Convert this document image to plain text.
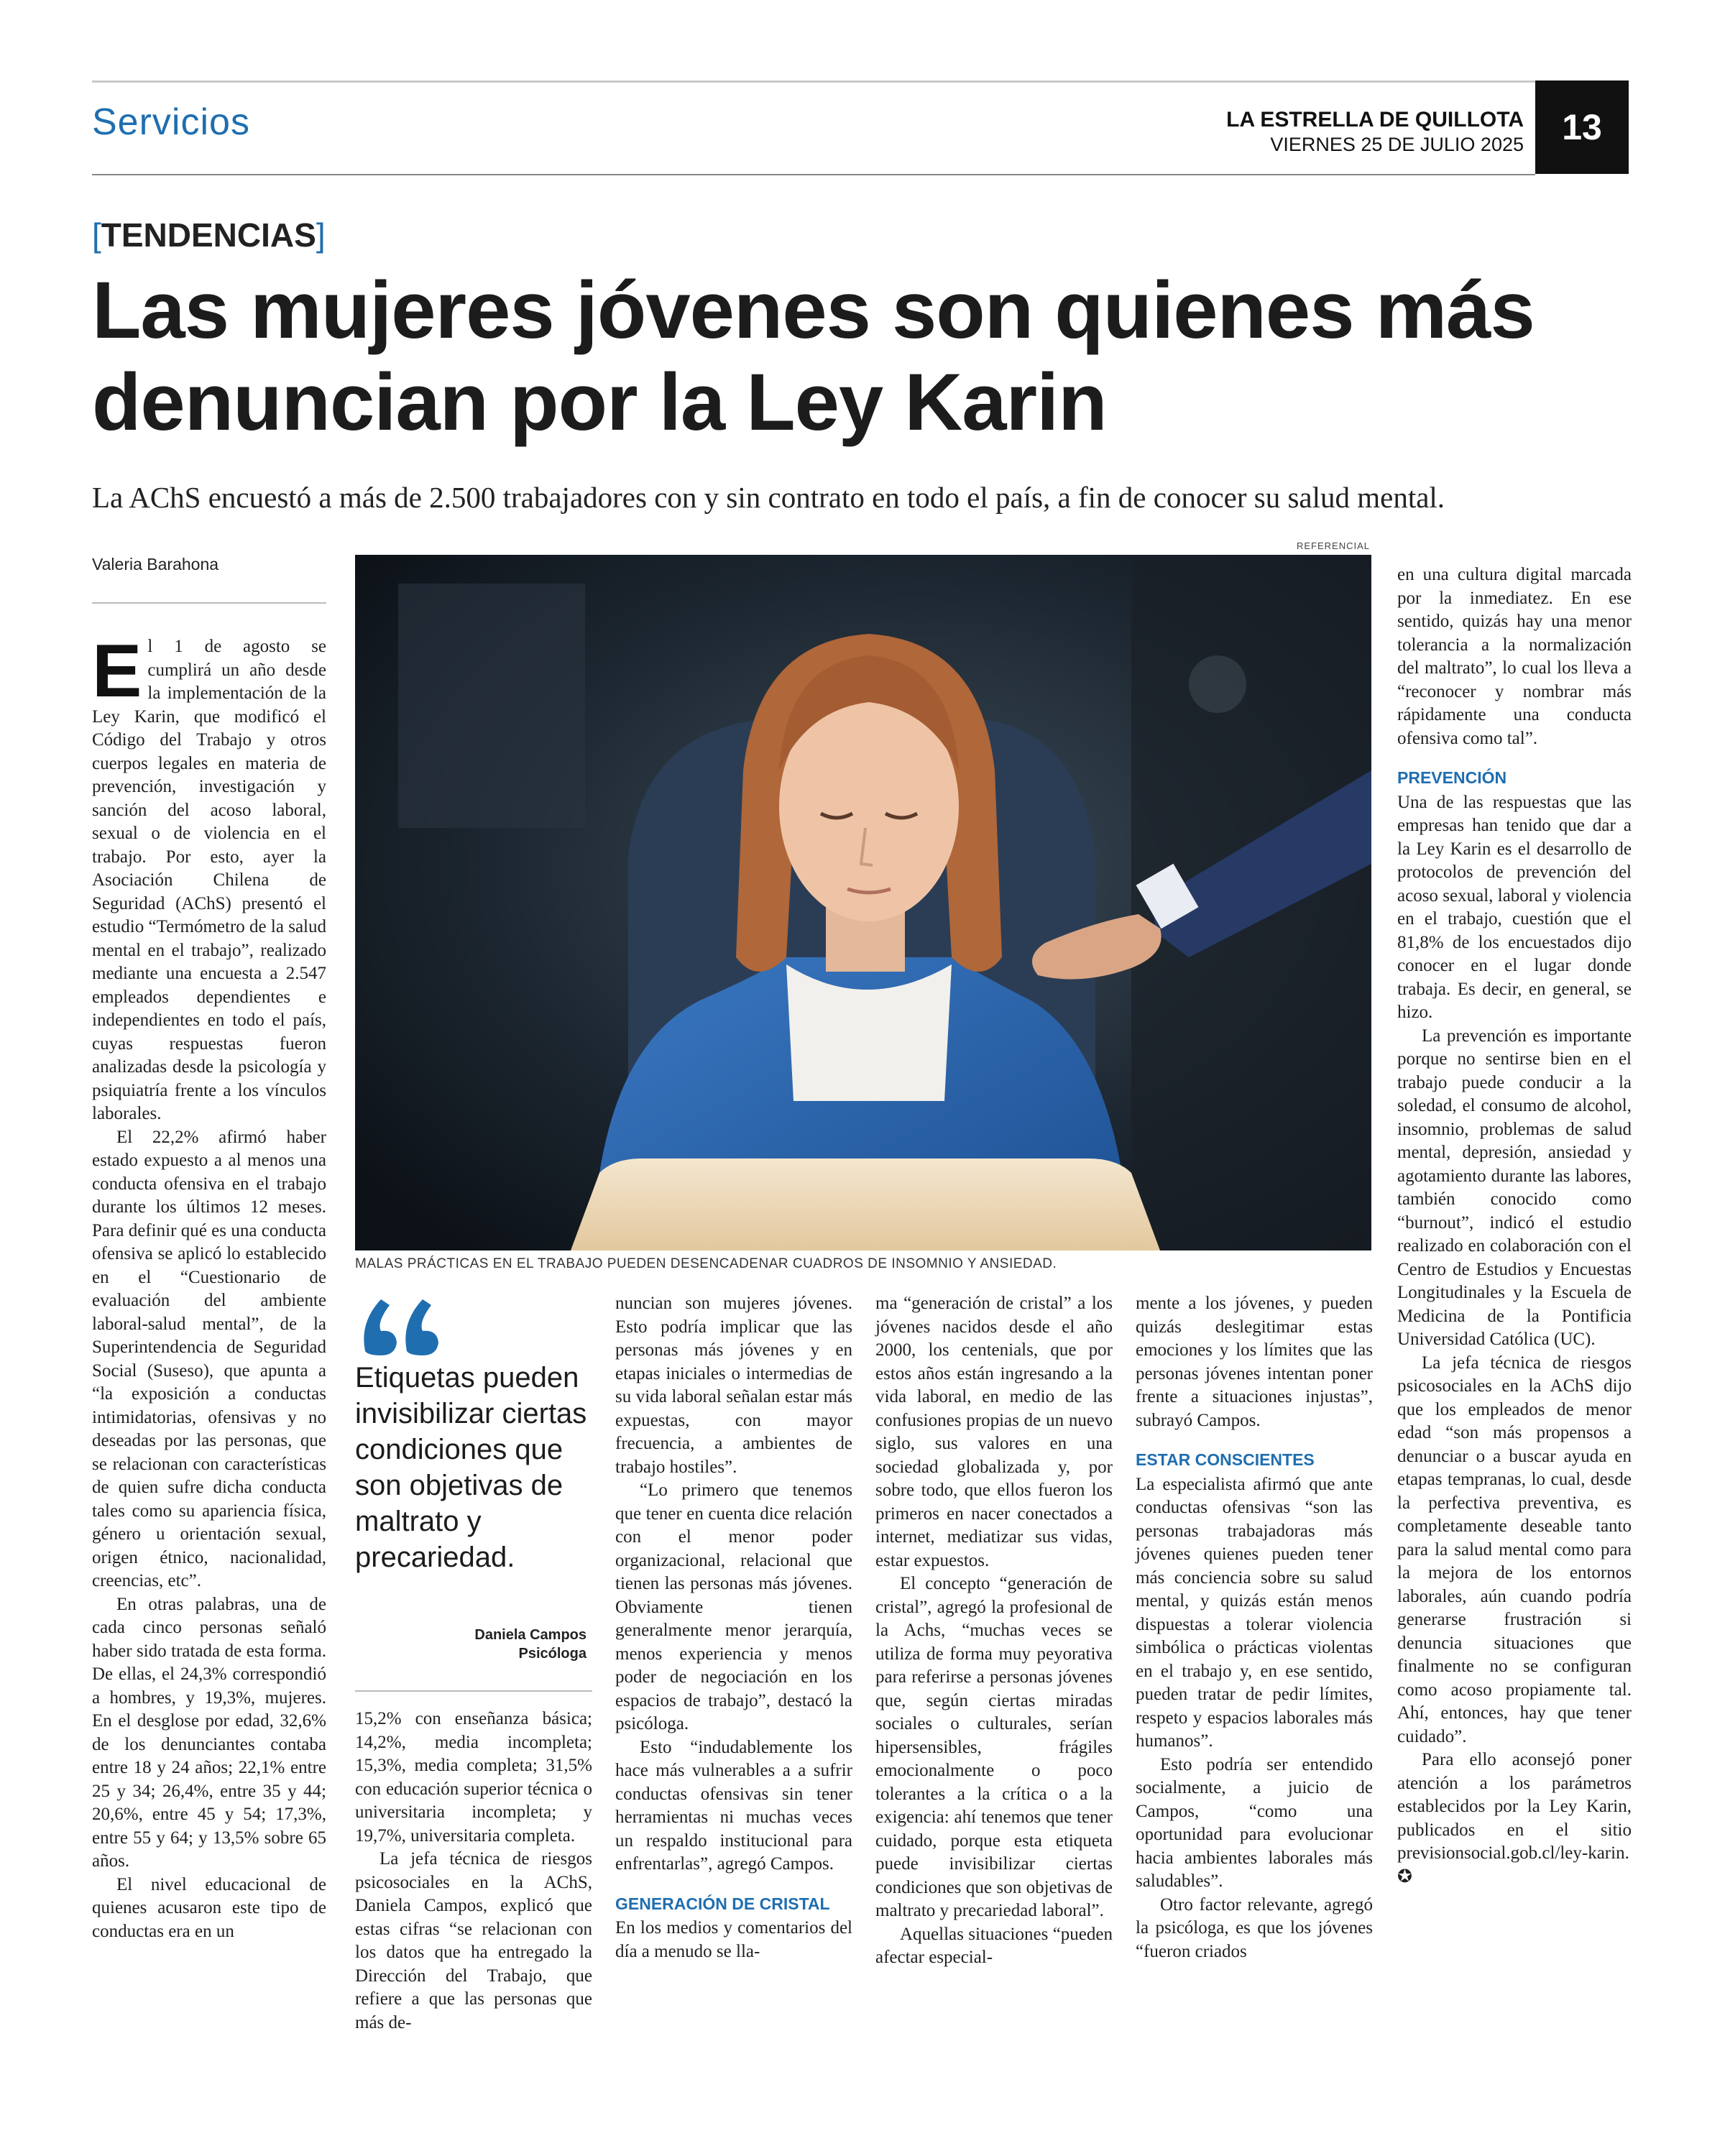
Servicios	LA ESTRELLA DE QUILLOTA
VIERNES 25 DE JULIO 2025	13
[TENDENCIAS]
Las mujeres jóvenes son quienes más denuncian por la Ley Karin
La AChS encuestó a más de 2.500 trabajadores con y sin contrato en todo el país, a fin de conocer su salud mental.
Valeria Barahona
REFERENCIAL
MALAS PRÁCTICAS EN EL TRABAJO PUEDEN DESENCADENAR CUADROS DE INSOMNIO Y ANSIEDAD.

El 1 de agosto se cumplirá un año desde la implementación de la Ley Karin, que modificó el Código del Trabajo y otros cuerpos legales en materia de prevención, investigación y sanción del acoso laboral, sexual o de violencia en el trabajo. Por esto, ayer la Asociación Chilena de Seguridad (AChS) presentó el estudio “Termómetro de la salud mental en el trabajo”, realizado mediante una encuesta a 2.547 empleados dependientes e independientes en todo el país, cuyas respuestas fueron analizadas desde la psicología y psiquiatría frente a los vínculos laborales.

El 22,2% afirmó haber estado expuesto a al menos una conducta ofensiva en el trabajo durante los últimos 12 meses. Para definir qué es una conducta ofensiva se aplicó lo establecido en el “Cuestionario de evaluación del ambiente laboral-salud mental”, de la Superintendencia de Seguridad Social (Suseso), que apunta a “la exposición a conductas intimidatorias, ofensivas y no deseadas por las personas, que se relacionan con características de quien sufre dicha conducta tales como su apariencia física, género u orientación sexual, origen étnico, nacionalidad, creencias, etc”.

En otras palabras, una de cada cinco personas señaló haber sido tratada de esta forma. De ellas, el 24,3% correspondió a hombres, y 19,3%, mujeres. En el desglose por edad, 32,6% de los denunciantes contaba entre 18 y 24 años; 22,1% entre 25 y 34; 26,4%, entre 35 y 44; 20,6%, entre 45 y 54; 17,3%, entre 55 y 64; y 13,5% sobre 65 años.

El nivel educacional de quienes acusaron este tipo de conductas era en un

Etiquetas pueden invisibilizar ciertas condiciones que son objetivas de maltrato y precariedad.
Daniela Campos
Psicóloga

15,2% con enseñanza básica; 14,2%, media incompleta; 15,3%, media completa; 31,5% con educación superior técnica o universitaria incompleta; y 19,7%, universitaria completa.

La jefa técnica de riesgos psicosociales en la AChS, Daniela Campos, explicó que estas cifras “se relacionan con los datos que ha entregado la Dirección del Trabajo, que refiere a que las personas que más de-

nuncian son mujeres jóvenes. Esto podría implicar que las personas más jóvenes y en etapas iniciales o intermedias de su vida laboral señalan estar más expuestas, con mayor frecuencia, a ambientes de trabajo hostiles”.

“Lo primero que tenemos que tener en cuenta dice relación con el menor poder organizacional, relacional que tienen las personas más jóvenes. Obviamente tienen generalmente menor jerarquía, menos experiencia y menos poder de negociación en los espacios de trabajo”, destacó la psicóloga.

Esto “indudablemente los hace más vulnerables a a sufrir conductas ofensivas sin tener herramientas ni muchas veces un respaldo institucional para enfrentarlas”, agregó Campos.

GENERACIÓN DE CRISTAL

En los medios y comentarios del día a menudo se lla-

ma “generación de cristal” a los jóvenes nacidos desde el año 2000, los centenials, que por estos años están ingresando a la vida laboral, en medio de las confusiones propias de un nuevo siglo, sus valores en una sociedad globalizada y, por sobre todo, que ellos fueron los primeros en nacer conectados a internet, mediatizar sus vidas, estar expuestos.

El concepto “generación de cristal”, agregó la profesional de la Achs, “muchas veces se utiliza de forma muy peyorativa para referirse a personas jóvenes que, según ciertas miradas sociales o culturales, serían hipersensibles, frágiles emocionalmente o poco tolerantes a la crítica o a la exigencia: ahí tenemos que tener cuidado, porque esta etiqueta puede invisibilizar ciertas condiciones que son objetivas de maltrato y precariedad laboral”.

Aquellas situaciones “pueden afectar especial-

mente a los jóvenes, y pueden quizás deslegitimar estas emociones y los límites que las personas jóvenes intentan poner frente a situaciones injustas”, subrayó Campos.

ESTAR CONSCIENTES

La especialista afirmó que ante conductas ofensivas “son las personas trabajadoras más jóvenes quienes pueden tener más conciencia sobre su salud mental, y quizás están menos dispuestas a tolerar violencia simbólica o prácticas violentas en el trabajo y, en ese sentido, pueden tratar de pedir límites, respeto y espacios laborales más humanos”.

Esto podría ser entendido socialmente, a juicio de Campos, “como una oportunidad para evolucionar hacia ambientes laborales más saludables”.

Otro factor relevante, agregó la psicóloga, es que los jóvenes “fueron criados

en una cultura digital marcada por la inmediatez. En ese sentido, quizás hay una menor tolerancia a la normalización del maltrato”, lo cual los lleva a “reconocer y nombrar más rápidamente una conducta ofensiva como tal”.

PREVENCIÓN

Una de las respuestas que las empresas han tenido que dar a la Ley Karin es el desarrollo de protocolos de prevención del acoso sexual, laboral y violencia en el trabajo, cuestión que el 81,8% de los encuestados dijo conocer en el lugar donde trabaja. Es decir, en general, se hizo.

La prevención es importante porque no sentirse bien en el trabajo puede conducir a la soledad, el consumo de alcohol, insomnio, problemas de salud mental, depresión, ansiedad y agotamiento durante las labores, también conocido como “burnout”, indicó el estudio realizado en colaboración con el Centro de Estudios y Encuestas Longitudinales y la Escuela de Medicina de la Pontificia Universidad Católica (UC).

La jefa técnica de riesgos psicosociales en la AChS dijo que los empleados de menor edad “son más propensos a denunciar o a buscar ayuda en etapas tempranas, lo cual, desde la perfectiva preventiva, es completamente deseable tanto para la salud mental como para la mejora de los entornos laborales, aún cuando podría generarse frustración si denuncia situaciones que finalmente no se configuran como acoso propiamente tal. Ahí, entonces, hay que tener cuidado”.

Para ello aconsejó poner atención a los parámetros establecidos por la Ley Karin, publicados en el sitio previsionsocial.gob.cl/ley-karin. ✪
